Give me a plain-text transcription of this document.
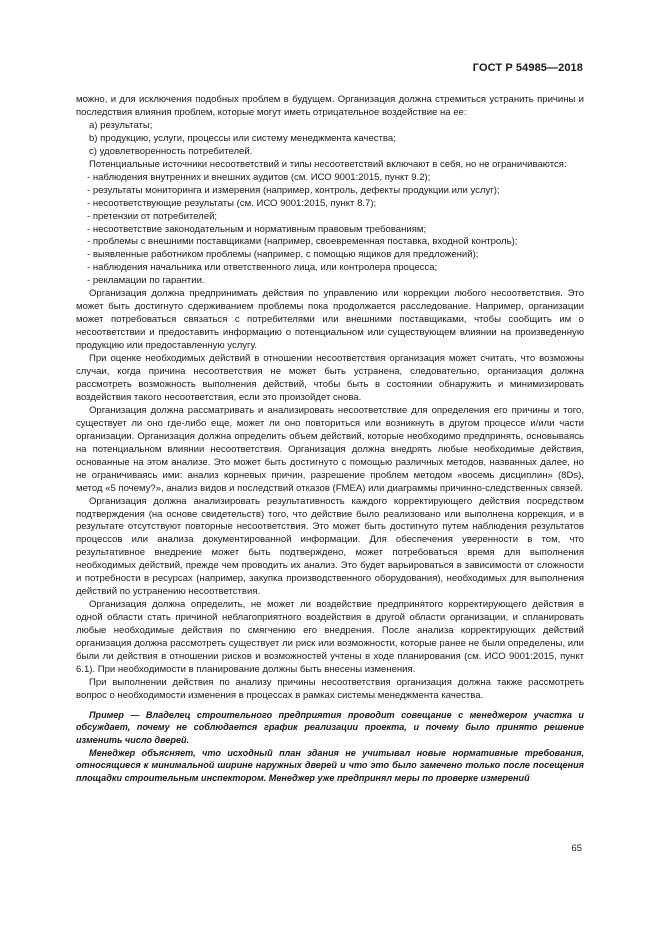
ГОСТ Р 54985—2018

можно, и для исключения подобных проблем в будущем. Организация должна стремиться устранить причины и последствия влияния проблем, которые могут иметь отрицательное воздействие на ее:

а) результаты;

b) продукцию, услуги, процессы или систему менеджмента качества;

c) удовлетворенность потребителей.

Потенциальные источники несоответствий и типы несоответствий включают в себя, но не ограничиваются:

- наблюдения внутренних и внешних аудитов (см. ИСО 9001:2015, пункт 9.2);

- результаты мониторинга и измерения (например, контроль, дефекты продукции или услуг);

- несоответствующие результаты (см. ИСО 9001:2015, пункт 8.7);

- претензии от потребителей;

- несоответствие законодательным и нормативным правовым требованиям;

- проблемы с внешними поставщиками (например, своевременная поставка, входной контроль);

- выявленные работником проблемы (например, с помощью ящиков для предложений);

- наблюдения начальника или ответственного лица, или контролера процесса;

- рекламации по гарантии.

Организация должна предпринимать действия по управлению или коррекции любого несоответствия. Это может быть достигнуто сдерживанием проблемы пока продолжается расследование. Например, организации может потребоваться связаться с потребителями или внешними поставщиками, чтобы сообщить им о несоответствии и предоставить информацию о потенциальном или существующем влиянии на произведенную продукцию или предоставленную услугу.

При оценке необходимых действий в отношении несоответствия организация может считать, что возможны случаи, когда причина несоответствия не может быть устранена, следовательно, организация должна рассмотреть возможность выполнения действий, чтобы быть в состоянии обнаружить и минимизировать воздействия такого несоответствия, если это произойдет снова.

Организация должна рассматривать и анализировать несоответствие для определения его причины и того, существует ли оно где-либо еще, может ли оно повториться или возникнуть в другом процессе и/или части организации. Организация должна определить объем действий, которые необходимо предпринять, основываясь на потенциальном влиянии несоответствия. Организация должна внедрять любые необходимые действия, основанные на этом анализе. Это может быть достигнуто с помощью различных методов, названных далее, но не ограничиваясь ими: анализ корневых причин, разрешение проблем методом «восемь дисциплин» (8Ds), метод «5 почему?», анализ видов и последствий отказов (FMEA) или диаграммы причинно-следственных связей.

Организация должна анализировать результативность каждого корректирующего действия посредством подтверждения (на основе свидетельств) того, что действие было реализовано или выполнена коррекция, и в результате отсутствуют повторные несоответствия. Это может быть достигнуто путем наблюдения результатов процессов или анализа документированной информации. Для обеспечения уверенности в том, что результативное внедрение может быть подтверждено, может потребоваться время для выполнения необходимых действий, прежде чем проводить их анализ. Это будет варьироваться в зависимости от сложности и потребности в ресурсах (например, закупка производственного оборудования), необходимых для выполнения действий по устранению несоответствия.

Организация должна определить, не может ли воздействие предпринятого корректирующего действия в одной области стать причиной неблагоприятного воздействия в другой области организации, и спланировать любые необходимые действия по смягчению его внедрения. После анализа корректирующих действий организация должна рассмотреть существует ли риск или возможности, которые ранее не были определены, или были ли действия в отношении рисков и возможностей учтены в ходе планирования (см. ИСО 9001:2015, пункт 6.1). При необходимости в планирование должны быть внесены изменения.

При выполнении действия по анализу причины несоответствия организация должна также рассмотреть вопрос о необходимости изменения в процессах в рамках системы менеджмента качества.

Пример — Владелец строительного предприятия проводит совещание с менеджером участка и обсуждает, почему не соблюдается график реализации проекта, и почему было принято решение изменить число дверей.

Менеджер объясняет, что исходный план здания не учитывал новые нормативные требования, относящиеся к минимальной ширине наружных дверей и что это было замечено только после посещения площадки строительным инспектором. Менеджер уже предпринял меры по проверке измерений

65
